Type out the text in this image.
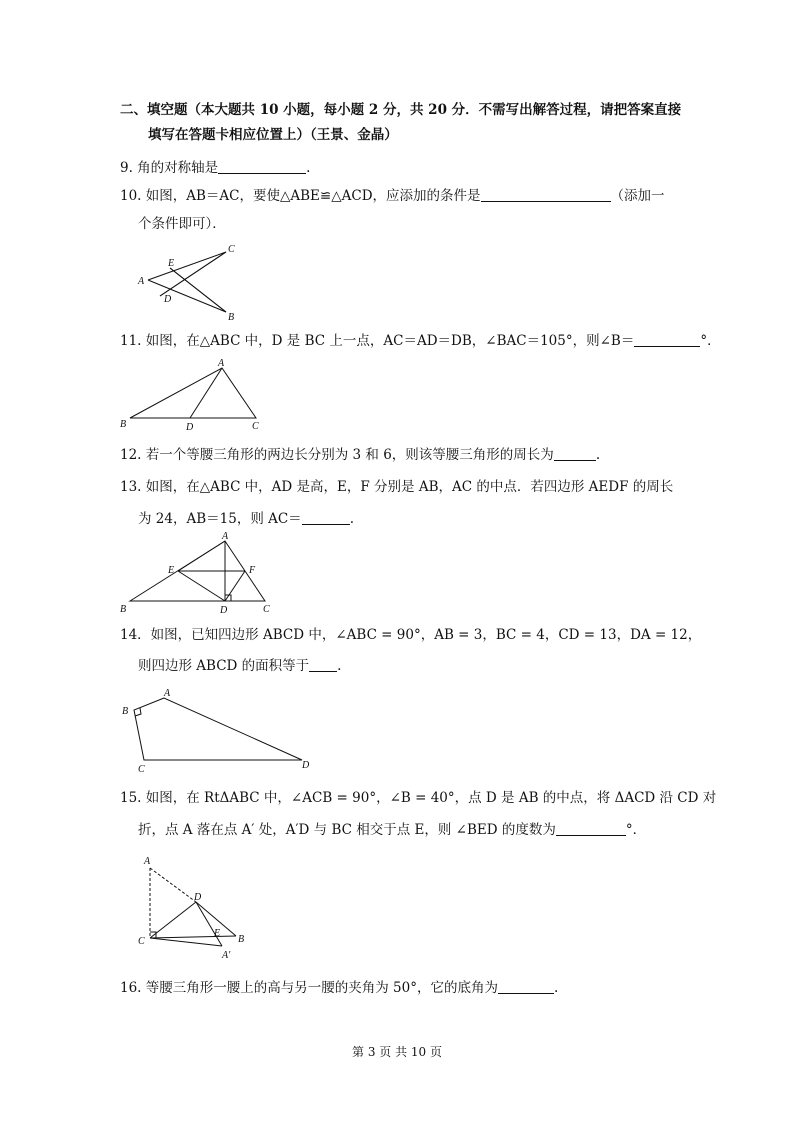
二、填空题（本大题共 10 小题，每小题 2 分，共 20 分．不需写出解答过程，请把答案直接
填写在答题卡相应位置上）（王景、金晶）
9. 角的对称轴是	.
10. 如图，AB＝AC，要使△ABE≌△ACD，应添加的条件是	（添加一
个条件即可）．
A
E
C
D
B
11. 如图，在△ABC 中，D 是 BC 上一点，AC＝AD＝DB，∠BAC＝105°，则∠B＝	°．
A
B	D	C
12. 若一个等腰三角形的两边长分别为 3 和 6，则该等腰三角形的周长为	.
13. 如图，在△ABC 中，AD 是高，E，F 分别是 AB，AC 的中点．若四边形 AEDF 的周长
为 24，AB＝15，则 AC＝	.
A
E	F
B	D	C
14．如图，已知四边形 ABCD 中，∠ABC = 90°，AB = 3，BC = 4，CD = 13，DA = 12，
则四边形 ABCD 的面积等于 .
A
B
C	D
15. 如图，在 RtΔABC 中，∠ACB = 90°，∠B = 40°，点 D 是 AB 的中点，将 ΔACD 沿 CD 对
折，点 A 落在点 A′ 处，A′D 与 BC 相交于点 E，则 ∠BED 的度数为	°．
A
D
C
E
B
A′
16. 等腰三角形一腰上的高与另一腰的夹角为 50°，它的底角为	.
第 3 页 共 10 页
